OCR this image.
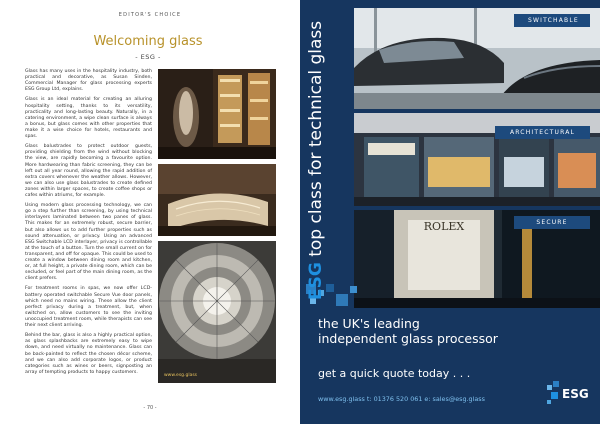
EDITOR'S CHOICE
Welcoming glass
- ESG -

Glass has many uses in the hospitality industry, both practical and decorative, as Susan Sinden, Commercial Manager for glass processing experts ESG Group Ltd, explains.

Glass is an ideal material for creating an alluring hospitality setting, thanks to its versatility, practicality and long-lasting beauty. Naturally, in a catering environment, a wipe clean surface is always a bonus, but glass comes with other properties that make it a wise choice for hotels, restaurants and spas.

Glass balustrades to protect outdoor guests, providing shielding from the wind without blocking the view, are rapidly becoming a favourite option. More hardwearing than fabric screening, they can be left out all year round, allowing the rapid addition of extra covers whenever the weather allows. However, we can also use glass balustrades to create defined zones within larger spaces, to create coffee shops or cafes within atriums, for example.

Using modern glass processing technology, we can go a step further than screening, by using technical interlayers laminated between two panes of glass. This makes for an extremely robust, secure barrier, but also allows us to add further properties such as sound attenuation, or privacy. Using an advanced ESG Switchable LCD interlayer, privacy is controllable at the touch of a button. Turn the small current on for transparent, and off for opaque. This could be used to create a window between dining room and kitchen, or, at full height, a private dining room, which can be secluded, or feel part of the main dining room, as the client prefers.

For treatment rooms in spas, we now offer LCD-battery operated switchable Secure Vue door panels, which need no mains wiring. These allow the client perfect privacy during a treatment, but, when switched on, allow customers to see the inviting unoccupied treatment room, while therapists can see their next client arriving.

Behind the bar, glass is also a highly practical option, as glass splashbacks are extremely easy to wipe down, and need virtually no maintenance. Glass can be back-painted to reflect the chosen décor scheme, and we can also add corporate logos, or product categories such as wines or beers, signposting an array of tempting products to happy customers.

www.esg.glass
- 70 -
ROLEX
SWITCHABLE
ARCHITECTURAL
SECURE
ESG top class for technical glass
the UK's leading independent glass processor
get a quick quote today . . .
www.esg.glass t: 01376 520 061 e: sales@esg.glass	ESG
